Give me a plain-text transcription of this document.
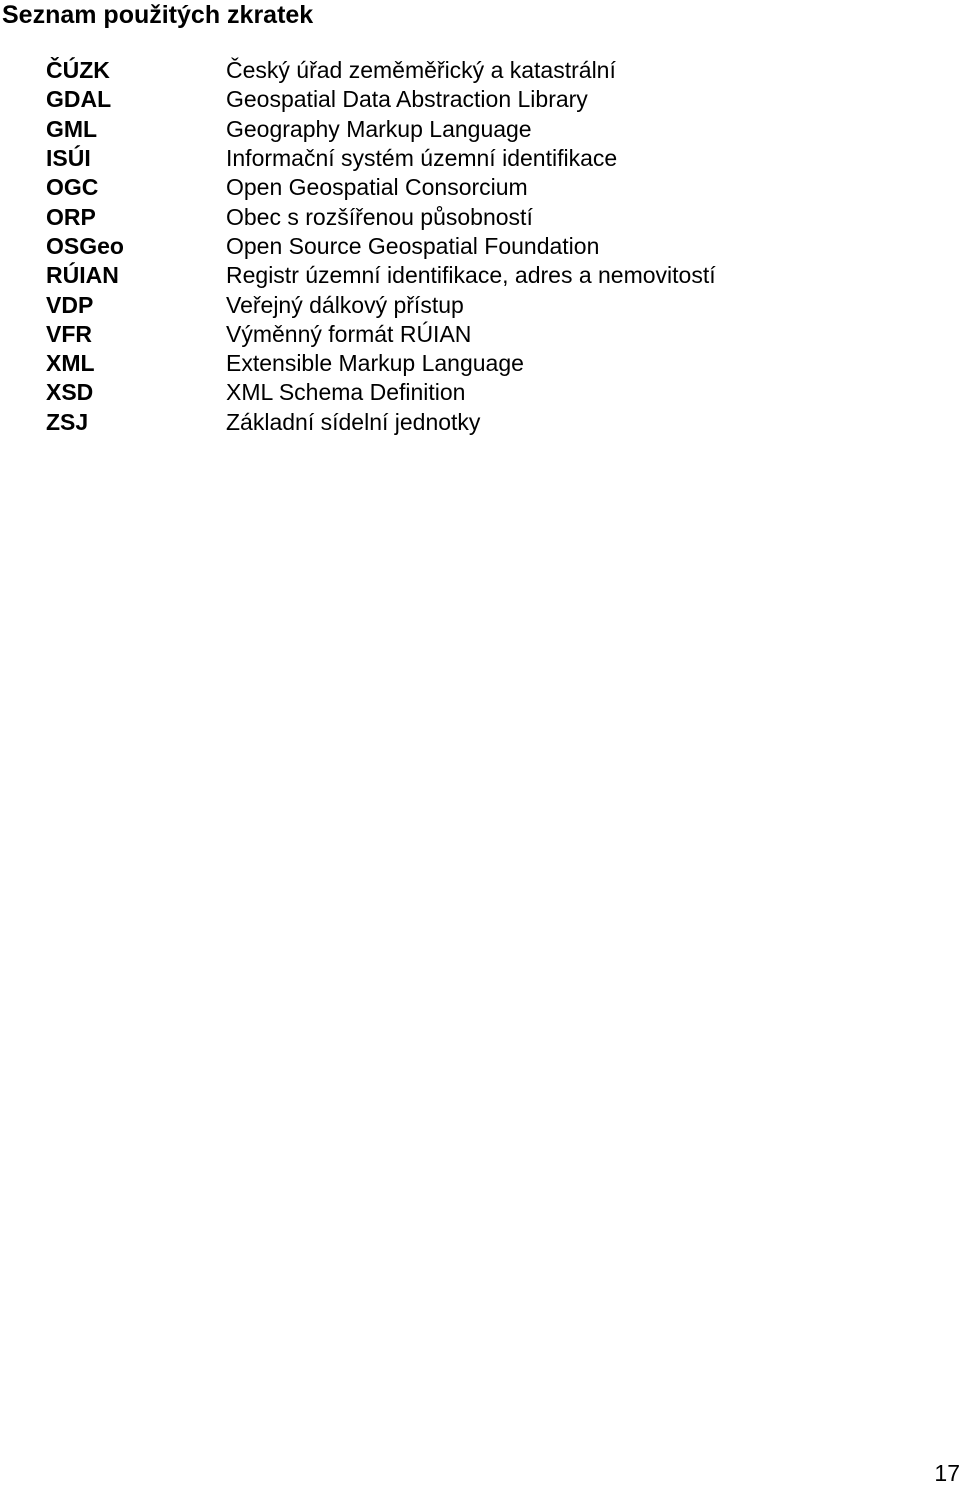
Seznam použitých zkratek
ČÚZK	Český úřad zeměměřický a katastrální
GDAL	Geospatial Data Abstraction Library
GML	Geography Markup Language
ISÚI	Informační systém územní identifikace
OGC	Open Geospatial Consorcium
ORP	Obec s rozšířenou působností
OSGeo	Open Source Geospatial Foundation
RÚIAN	Registr územní identifikace, adres a nemovitostí
VDP	Veřejný dálkový přístup
VFR	Výměnný formát RÚIAN
XML	Extensible Markup Language
XSD	XML Schema Definition
ZSJ	Základní sídelní jednotky
17
